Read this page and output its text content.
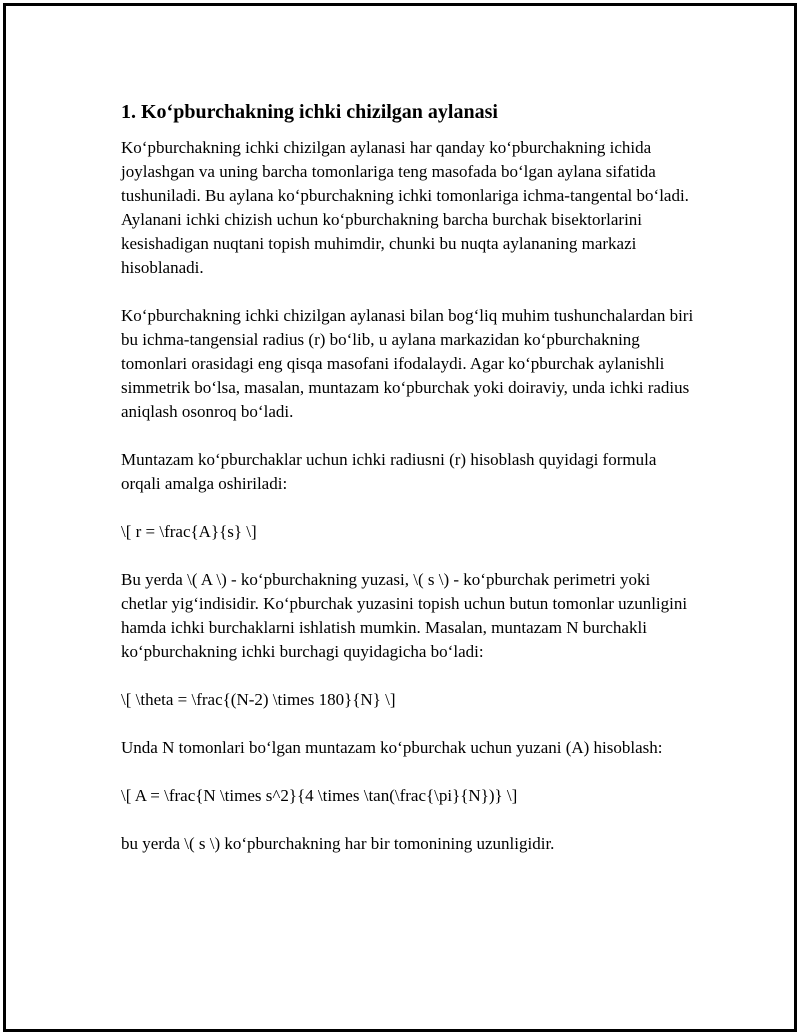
1. Ko‘pburchakning ichki chizilgan aylanasi

Ko‘pburchakning ichki chizilgan aylanasi har qanday ko‘pburchakning ichida joylashgan va uning barcha tomonlariga teng masofada bo‘lgan aylana sifatida tushuniladi. Bu aylana ko‘pburchakning ichki tomonlariga ichma-tangental bo‘ladi. Aylanani ichki chizish uchun ko‘pburchakning barcha burchak bisektorlarini kesishadigan nuqtani topish muhimdir, chunki bu nuqta aylananing markazi hisoblanadi.

Ko‘pburchakning ichki chizilgan aylanasi bilan bog‘liq muhim tushunchalardan biri bu ichma-tangensial radius (r) bo‘lib, u aylana markazidan ko‘pburchakning tomonlari orasidagi eng qisqa masofani ifodalaydi. Agar ko‘pburchak aylanishli simmetrik bo‘lsa, masalan, muntazam ko‘pburchak yoki doiraviy, unda ichki radius aniqlash osonroq bo‘ladi.

Muntazam ko‘pburchaklar uchun ichki radiusni (r) hisoblash quyidagi formula orqali amalga oshiriladi:

\[ r = \frac{A}{s} \]

Bu yerda \( A \) - ko‘pburchakning yuzasi, \( s \) - ko‘pburchak perimetri yoki chetlar yig‘indisidir. Ko‘pburchak yuzasini topish uchun butun tomonlar uzunligini hamda ichki burchaklarni ishlatish mumkin. Masalan, muntazam N burchakli ko‘pburchakning ichki burchagi quyidagicha bo‘ladi:

\[ \theta = \frac{(N-2) \times 180}{N} \]

Unda N tomonlari bo‘lgan muntazam ko‘pburchak uchun yuzani (A) hisoblash:

\[ A = \frac{N \times s^2}{4 \times \tan(\frac{\pi}{N})} \]

bu yerda \( s \) ko‘pburchakning har bir tomonining uzunligidir.
